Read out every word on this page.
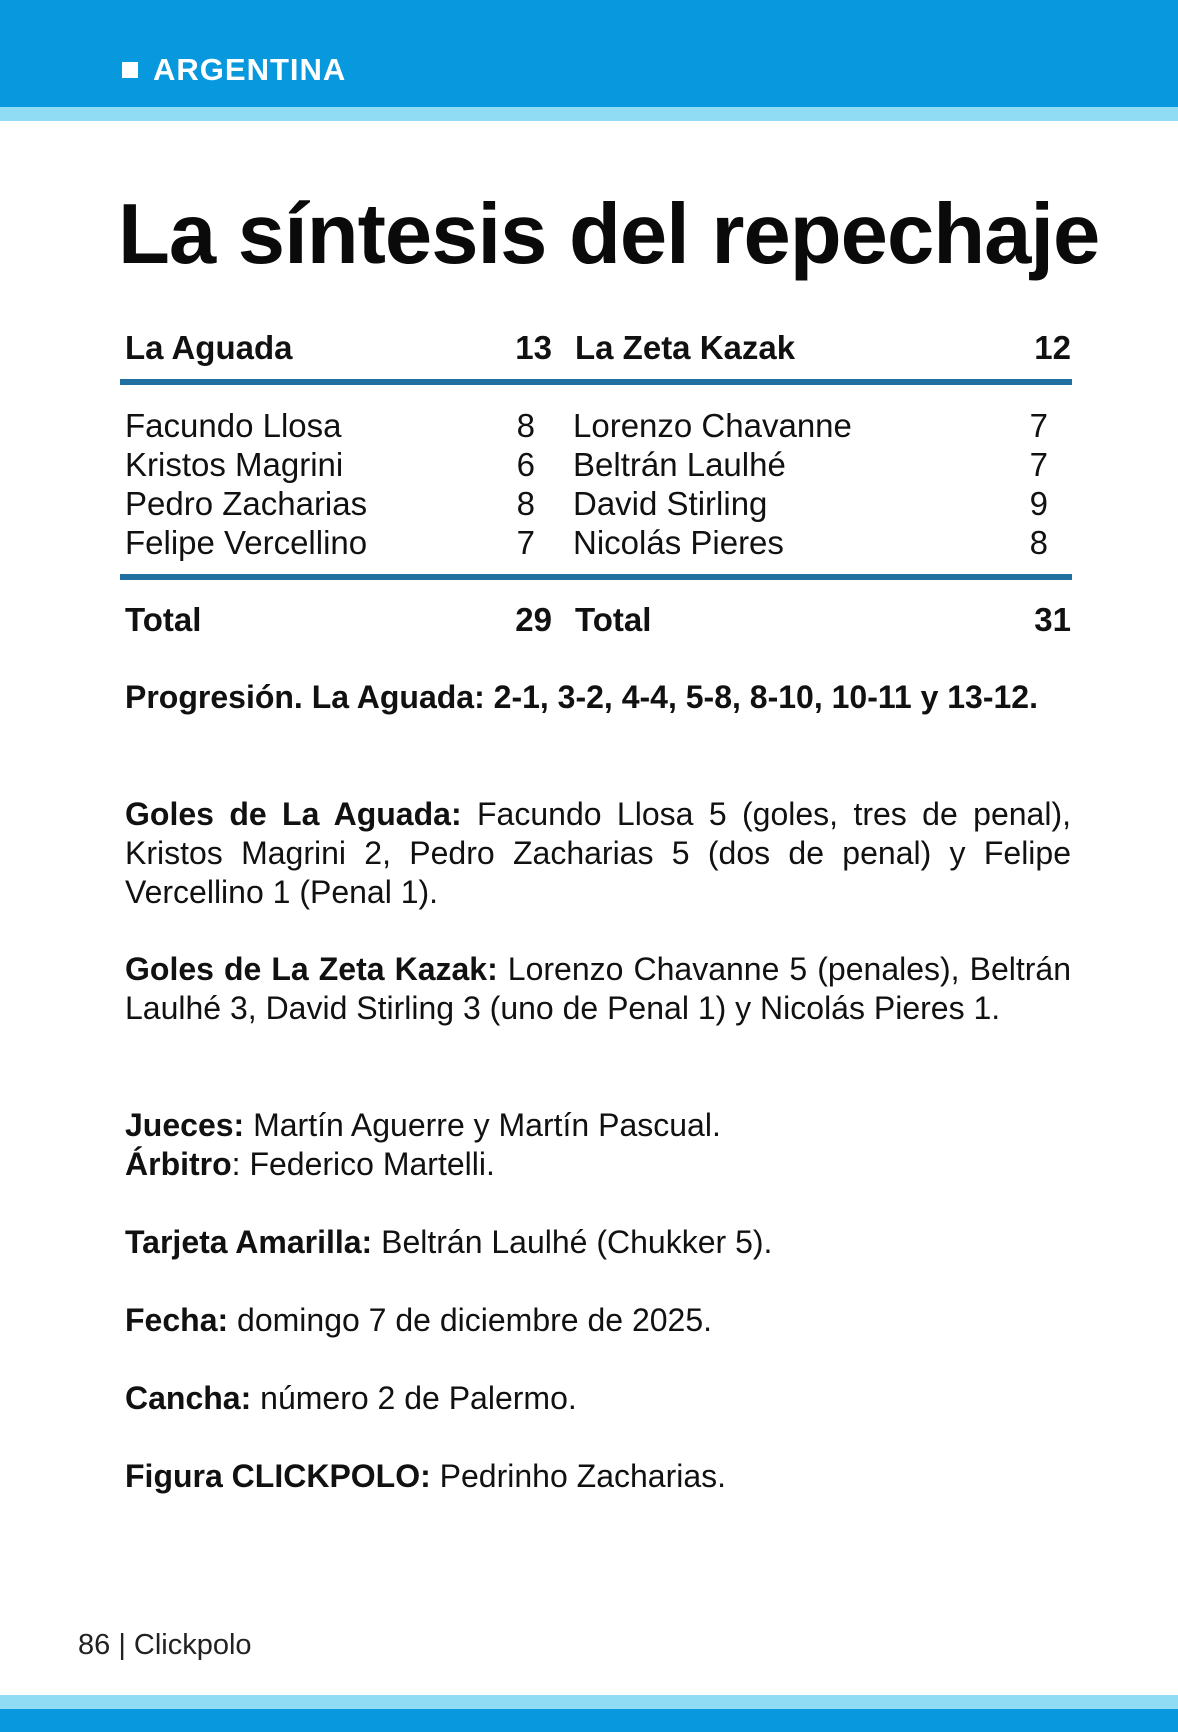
ARGENTINA
La síntesis del repechaje
La Aguada	13 La Zeta Kazak	12
Facundo Llosa	8 Lorenzo Chavanne	7
Kristos Magrini	6 Beltrán Laulhé	7
Pedro Zacharias	8 David Stirling	9
Felipe Vercellino	7 Nicolás Pieres	8
Total	29 Total	31
Progresión. La Aguada: 2-1, 3-2, 4-4, 5-8, 8-10, 10-11 y 13-12.
Goles de La Aguada: Facundo Llosa 5 (goles, tres de penal), Kristos Magrini 2, Pedro Zacharias 5 (dos de penal) y Felipe Vercellino 1 (Penal 1).
Goles de La Zeta Kazak: Lorenzo Chavanne 5 (penales), Beltrán Laulhé 3, David Stirling 3 (uno de Penal 1) y Nicolás Pieres 1.
Jueces: Martín Aguerre y Martín Pascual.
Árbitro: Federico Martelli.
Tarjeta Amarilla: Beltrán Laulhé (Chukker 5).
Fecha: domingo 7 de diciembre de 2025.
Cancha: número 2 de Palermo.
Figura CLICKPOLO: Pedrinho Zacharias.
86 | Clickpolo
